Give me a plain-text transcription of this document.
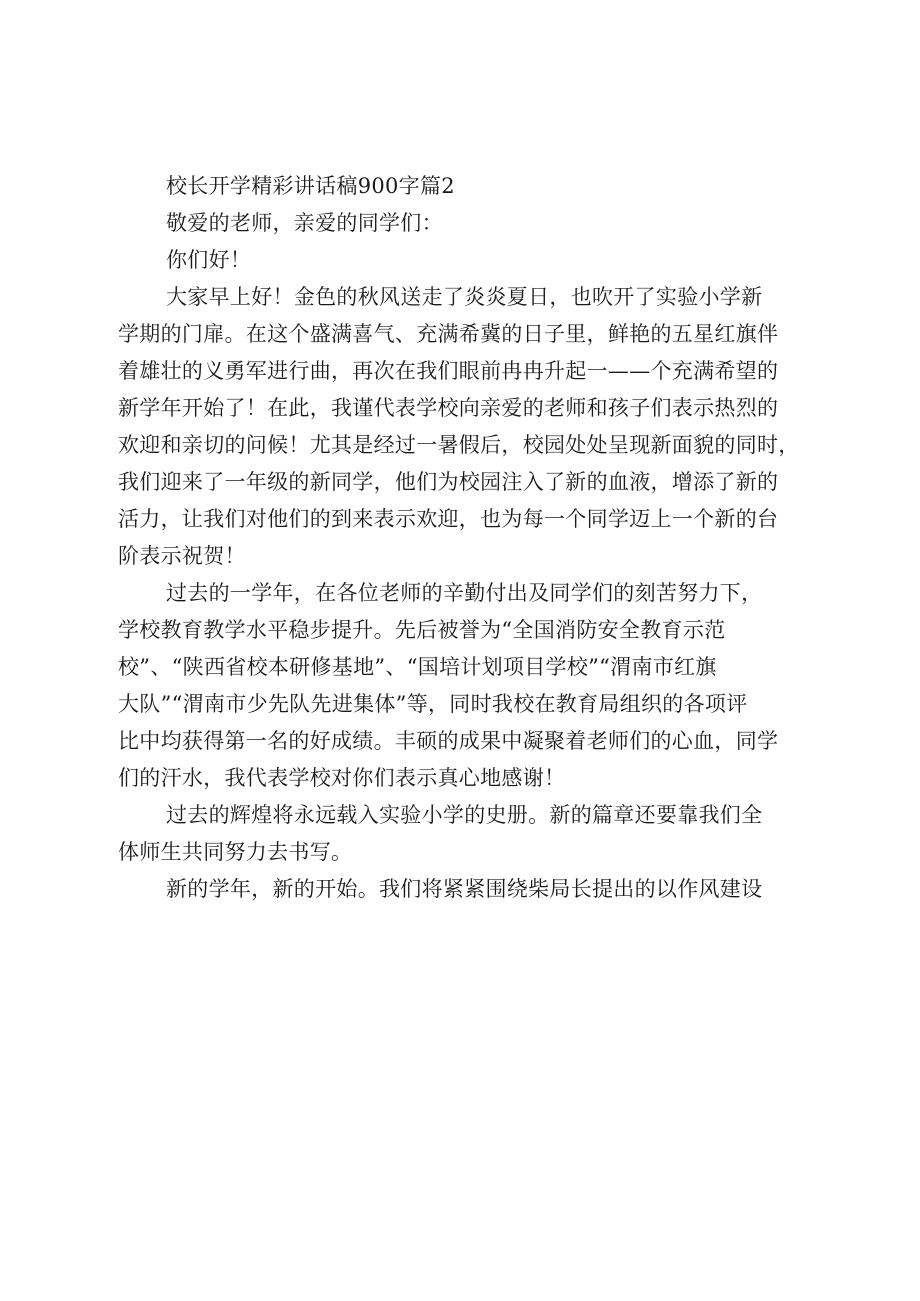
校长开学精彩讲话稿900字篇2

敬爱的老师，亲爱的同学们：

你们好！

大家早上好！金色的秋风送走了炎炎夏日，也吹开了实验小学新

学期的门扉。在这个盛满喜气、充满希冀的日子里，鲜艳的五星红旗伴

着雄壮的义勇军进行曲，再次在我们眼前冉冉升起一——个充满希望的

新学年开始了！在此，我谨代表学校向亲爱的老师和孩子们表示热烈的

欢迎和亲切的问候！尤其是经过一暑假后，校园处处呈现新面貌的同时，

我们迎来了一年级的新同学，他们为校园注入了新的血液，增添了新的

活力，让我们对他们的到来表示欢迎，也为每一个同学迈上一个新的台

阶表示祝贺！

过去的一学年，在各位老师的辛勤付出及同学们的刻苦努力下，

学校教育教学水平稳步提升。先后被誉为“全国消防安全教育示范

校”、“陕西省校本研修基地”、“国培计划项目学校”“渭南市红旗

大队”“渭南市少先队先进集体”等，同时我校在教育局组织的各项评

比中均获得第一名的好成绩。丰硕的成果中凝聚着老师们的心血，同学

们的汗水，我代表学校对你们表示真心地感谢！

过去的辉煌将永远载入实验小学的史册。新的篇章还要靠我们全

体师生共同努力去书写。

新的学年，新的开始。我们将紧紧围绕柴局长提出的以作风建设
